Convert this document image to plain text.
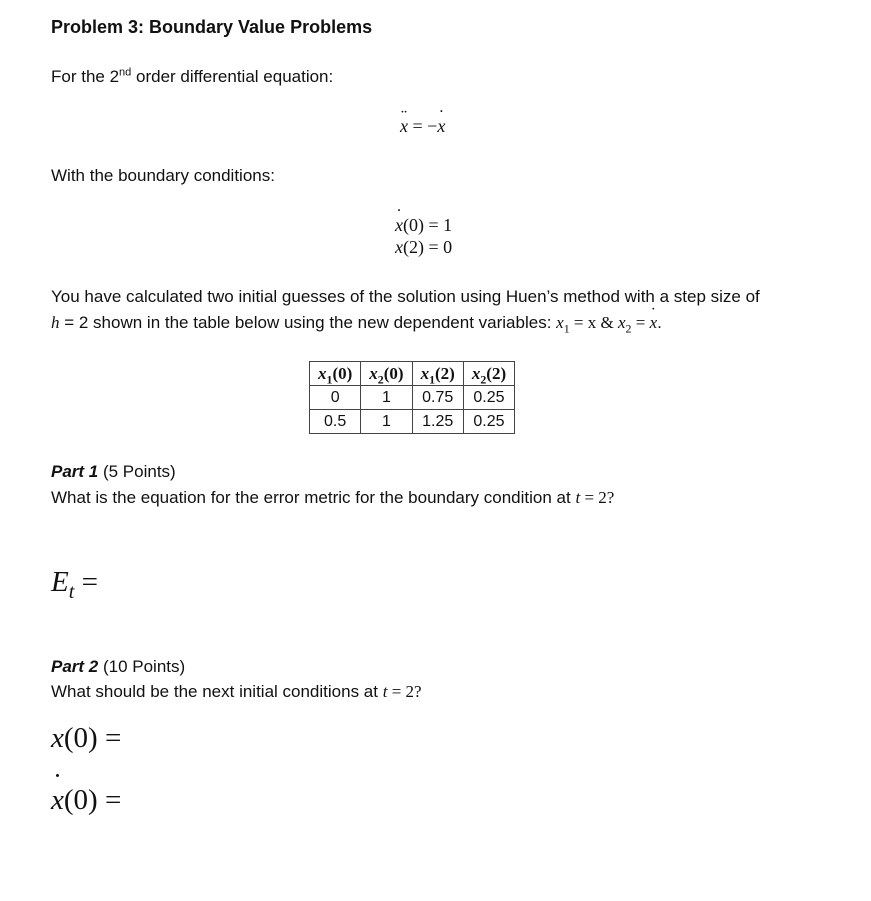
Problem 3: Boundary Value Problems
For the 2nd order differential equation:
x ¨ = −x ˙
With the boundary conditions:
x ˙(0) = 1
x(2) = 0
You have calculated two initial guesses of the solution using Huen’s method with a step size of
h = 2 shown in the table below using the new dependent variables: $x_1 = x$ & $x_2 = x$ ˙.
$x_1(0)$	$x_2(0)$	$x_1(2)$	$x_2(2)$
0	1	0.75	0.25
0.5	1	1.25	0.25
Part 1 (5 Points)
What is the equation for the error metric for the boundary condition at t = 2?
$E_t$ =
Part 2 (10 Points)
What should be the next initial conditions at t = 2?
x(0) =
x ˙(0) =
